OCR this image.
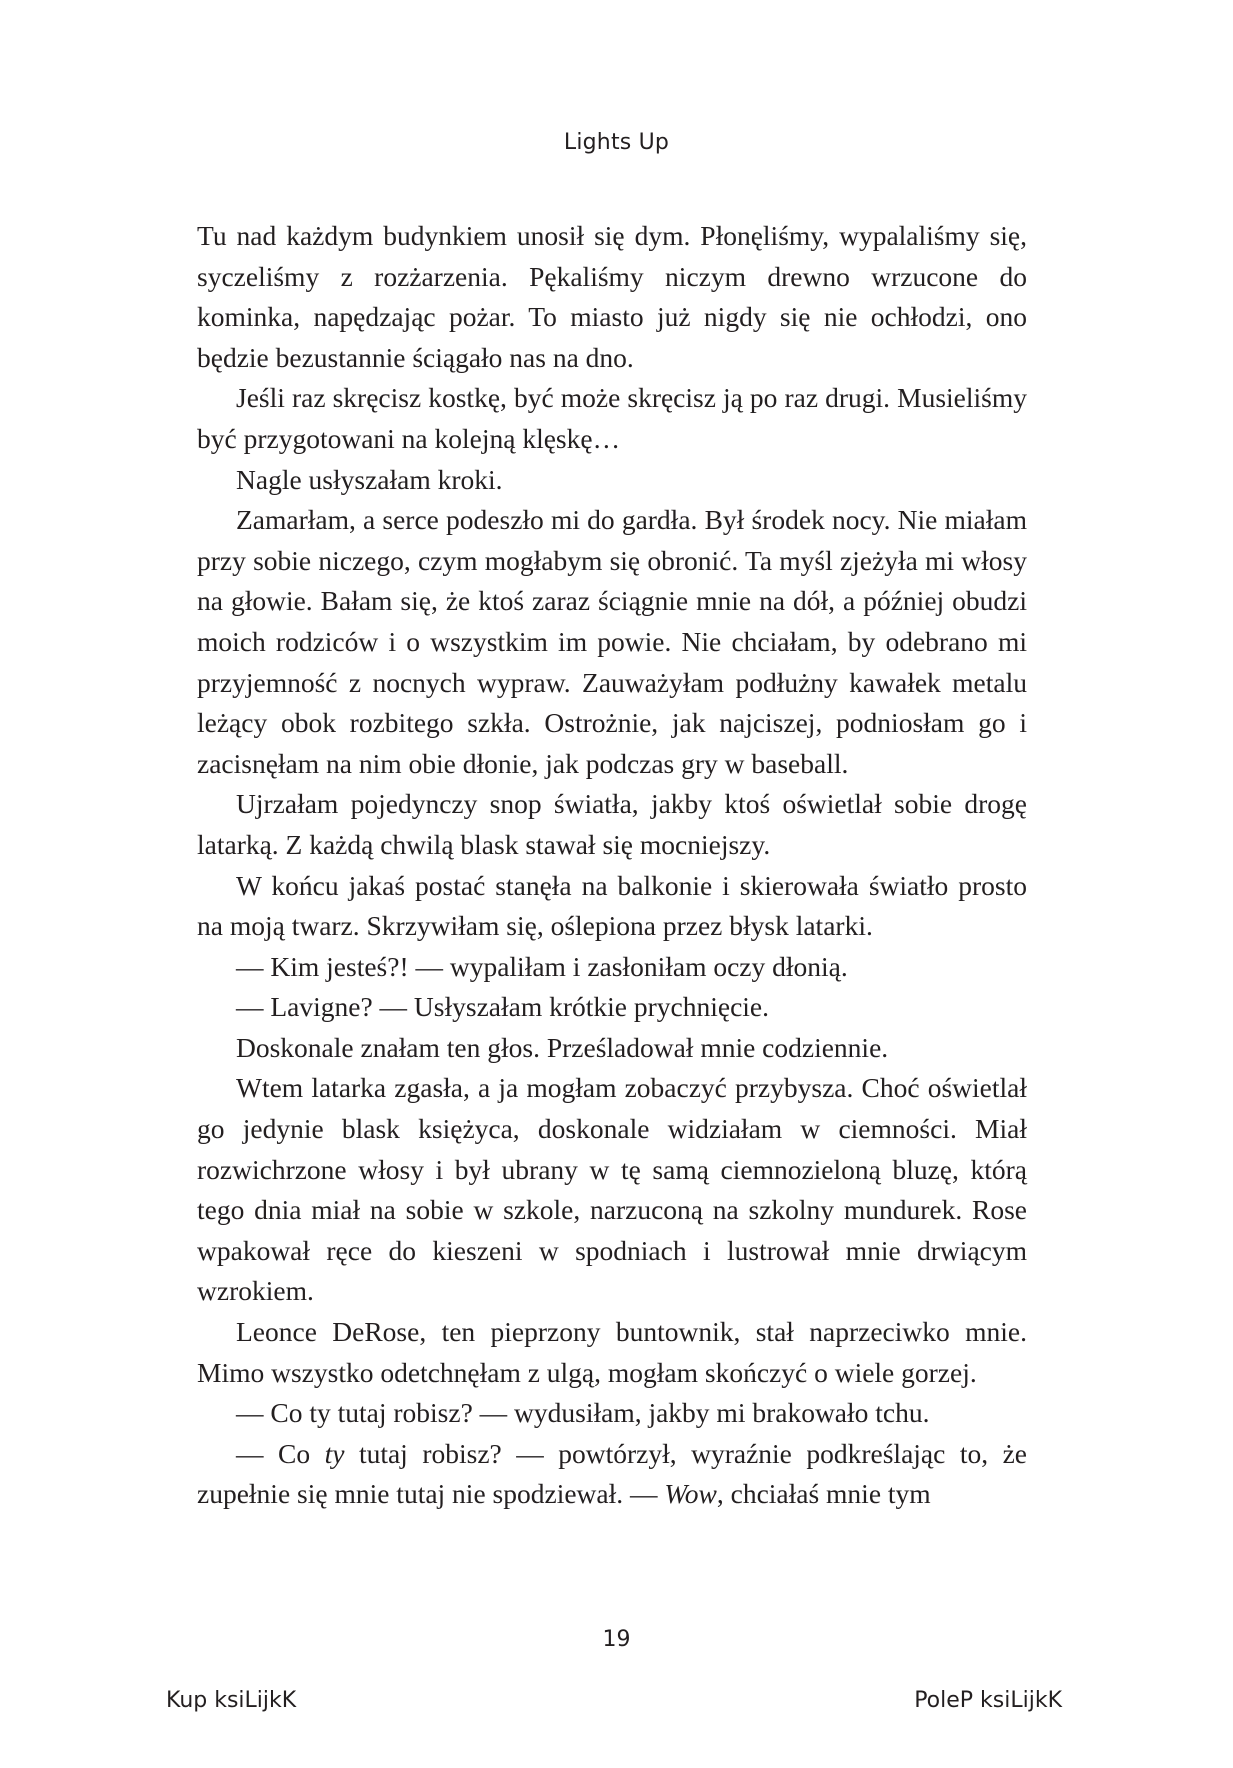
Lights Up

Tu nad każdym budynkiem unosił się dym. Płonęliśmy, wypalaliśmy się, syczeliśmy z rozżarzenia. Pękaliśmy niczym drewno wrzucone do kominka, napędzając pożar. To miasto już nigdy się nie ochłodzi, ono będzie bezustannie ściągało nas na dno.

Jeśli raz skręcisz kostkę, być może skręcisz ją po raz drugi. Musieliśmy być przygotowani na kolejną klęskę…

Nagle usłyszałam kroki.

Zamarłam, a serce podeszło mi do gardła. Był środek nocy. Nie miałam przy sobie niczego, czym mogłabym się obronić. Ta myśl zjeżyła mi włosy na głowie. Bałam się, że ktoś zaraz ściągnie mnie na dół, a później obudzi moich rodziców i o wszystkim im powie. Nie chciałam, by odebrano mi przyjemność z nocnych wypraw. Zauważyłam podłużny kawałek metalu leżący obok rozbitego szkła. Ostrożnie, jak najciszej, podniosłam go i zacisnęłam na nim obie dłonie, jak podczas gry w baseball.

Ujrzałam pojedynczy snop światła, jakby ktoś oświetlał sobie drogę latarką. Z każdą chwilą blask stawał się mocniejszy.

W końcu jakaś postać stanęła na balkonie i skierowała światło prosto na moją twarz. Skrzywiłam się, oślepiona przez błysk latarki.

— Kim jesteś?! — wypaliłam i zasłoniłam oczy dłonią.

— Lavigne? — Usłyszałam krótkie prychnięcie.

Doskonale znałam ten głos. Prześladował mnie codziennie.

Wtem latarka zgasła, a ja mogłam zobaczyć przybysza. Choć oświetlał go jedynie blask księżyca, doskonale widziałam w ciemności. Miał rozwichrzone włosy i był ubrany w tę samą ciemnozieloną bluzę, którą tego dnia miał na sobie w szkole, narzuconą na szkolny mundurek. Rose wpakował ręce do kieszeni w spodniach i lustrował mnie drwiącym wzrokiem.

Leonce DeRose, ten pieprzony buntownik, stał naprzeciwko mnie. Mimo wszystko odetchnęłam z ulgą, mogłam skończyć o wiele gorzej.

— Co ty tutaj robisz? — wydusiłam, jakby mi brakowało tchu.

— Co ty tutaj robisz? — powtórzył, wyraźnie podkreślając to, że zupełnie się mnie tutaj nie spodziewał. — Wow, chciałaś mnie tym

19
Kup ksiLĳkK	PoleP ksiLĳkK
